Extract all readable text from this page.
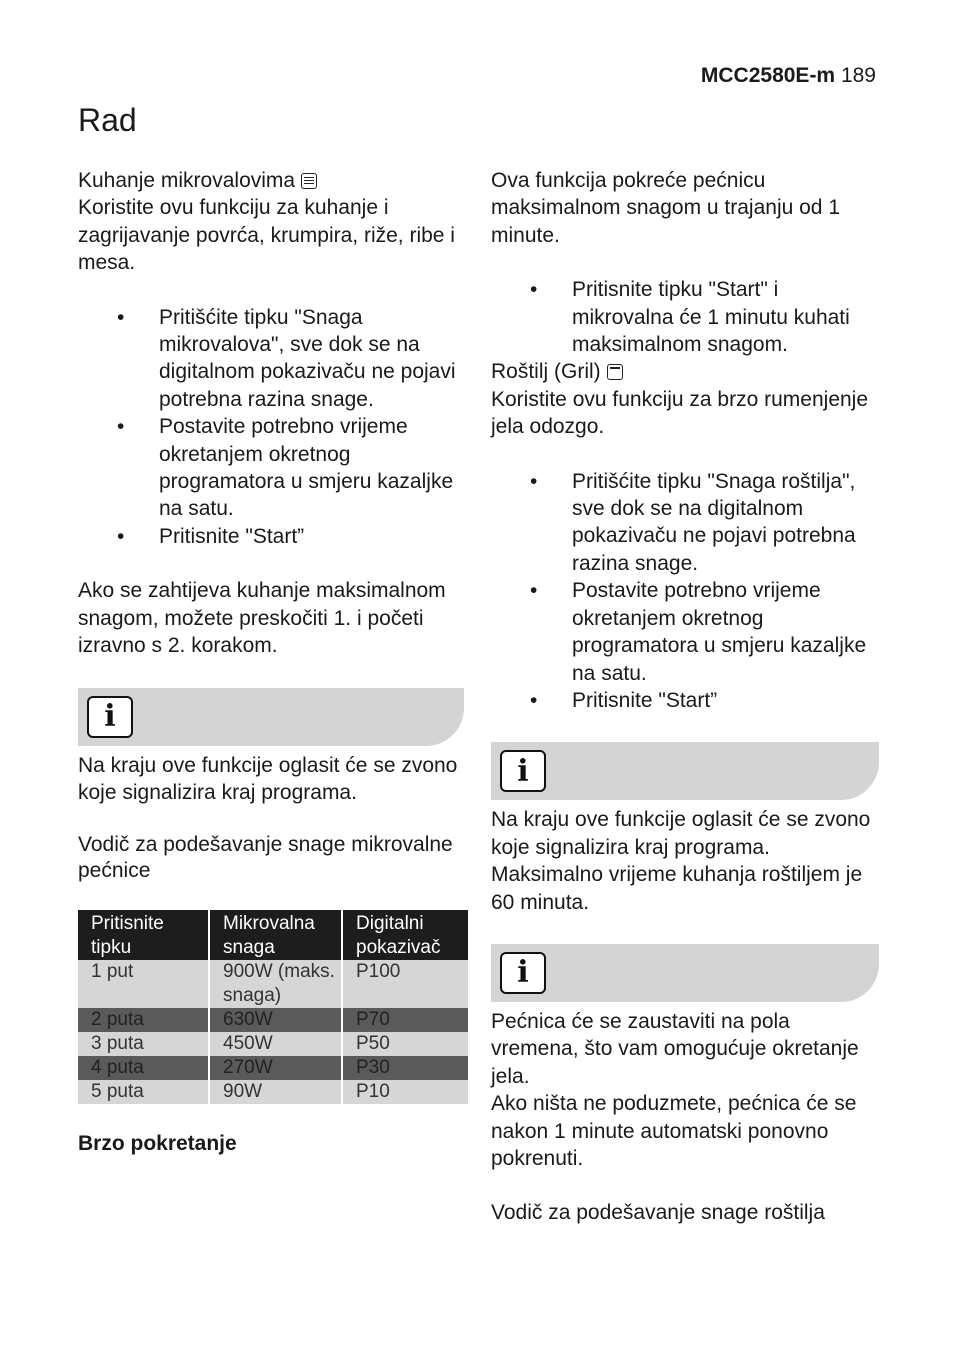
MCC2580E-m 189
Rad
Kuhanje mikrovalovima

Koristite ovu funkciju za kuhanje i zagrijavanje povrća, krumpira, riže, ribe i mesa.

• Pritišćite tipku "Snaga mikrovalova", sve dok se na digitalnom pokazivaču ne pojavi potrebna razina snage.
• Postavite potrebno vrijeme okretanjem okretnog programatora u smjeru kazaljke na satu.
• Pritisnite "Start”

Ako se zahtijeva kuhanje maksimalnom snagom, možete preskočiti 1. i početi izravno s 2. korakom.

i

Na kraju ove funkcije oglasit će se zvono koje signalizira kraj programa.

Vodič za podešavanje snage mikrovalne pećnice

Pritisnite tipku	Mikrovalna snaga	Digitalni pokazivač
1 put	900W (maks. snaga)	P100
2 puta	630W	P70
3 puta	450W	P50
4 puta	270W	P30
5 puta	90W	P10

Brzo pokretanje

Ova funkcija pokreće pećnicu maksimalnom snagom u trajanju od 1 minute.

• Pritisnite tipku "Start" i mikrovalna će 1 minutu kuhati maksimalnom snagom.
Roštilj (Gril)

Koristite ovu funkciju za brzo rumenjenje jela odozgo.

• Pritišćite tipku "Snaga roštilja", sve dok se na digitalnom pokazivaču ne pojavi potrebna razina snage.
• Postavite potrebno vrijeme okretanjem okretnog programatora u smjeru kazaljke na satu.
• Pritisnite "Start”
i

Na kraju ove funkcije oglasit će se zvono koje signalizira kraj programa. Maksimalno vrijeme kuhanja roštiljem je 60 minuta.

i

Pećnica će se zaustaviti na pola vremena, što vam omogućuje okretanje jela.

Ako ništa ne poduzmete, pećnica će se nakon 1 minute automatski ponovno pokrenuti.

Vodič za podešavanje snage roštilja
